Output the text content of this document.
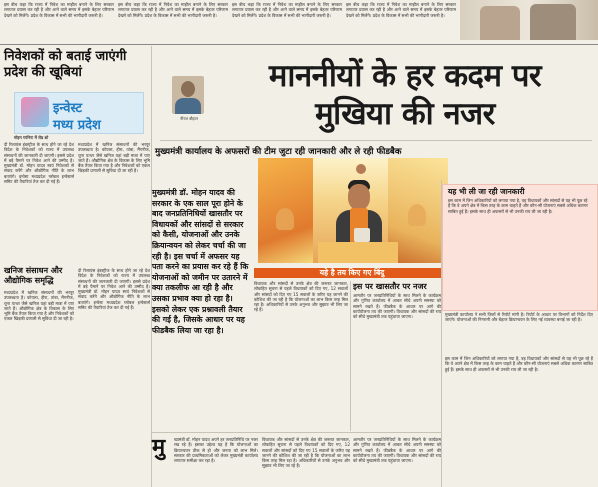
इस बीच कहा कि राज्य में निवेश का माहौल बनाने के लिए सरकार लगातार प्रयास कर रही है और आने वाले समय में इसके बेहतर परिणाम देखने को मिलेंगे। प्रदेश के विकास में सभी की भागीदारी जरूरी है।
इस बीच कहा कि राज्य में निवेश का माहौल बनाने के लिए सरकार लगातार प्रयास कर रही है और आने वाले समय में इसके बेहतर परिणाम देखने को मिलेंगे। प्रदेश के विकास में सभी की भागीदारी जरूरी है।
इस बीच कहा कि राज्य में निवेश का माहौल बनाने के लिए सरकार लगातार प्रयास कर रही है और आने वाले समय में इसके बेहतर परिणाम देखने को मिलेंगे। प्रदेश के विकास में सभी की भागीदारी जरूरी है।
इस बीच कहा कि राज्य में निवेश का माहौल बनाने के लिए सरकार लगातार प्रयास कर रही है और आने वाले समय में इसके बेहतर परिणाम देखने को मिलेंगे। प्रदेश के विकास में सभी की भागीदारी जरूरी है।
निवेशकों को बताई जाएंगी प्रदेश की खूबियां
इन्वेस्ट
मध्य प्रदेश
मोहन गर्वनेन्ट में रोड शो
दी रिलायंस इंडस्ट्रीज के साथ होने जा रहे देश विदेश के निवेशकों को राज्य में उपलब्ध संसाधनों की जानकारी दी जाएगी। इससे प्रदेश में बड़े पैमाने पर निवेश आने की उम्मीद है। मुख्यमंत्री डॉ. मोहन यादव स्वयं निवेशकों से संवाद करेंगे और औद्योगिक नीति के लाभ बताएंगे। इन्वेस्ट मध्यप्रदेश ग्लोबल इन्वेस्टर्स समिट की तैयारियां तेज कर दी गई हैं।
मध्यप्रदेश में खनिज संसाधनों की भरपूर उपलब्धता है। कोयला, हीरा, तांबा, मैंगनीज, चूना पत्थर जैसे खनिज यहां बड़ी मात्रा में पाए जाते हैं। औद्योगिक क्षेत्र के विकास के लिए भूमि बैंक तैयार किया गया है और निवेशकों को एकल खिड़की प्रणाली से सुविधा दी जा रही है।
खनिज संसाधन और औद्योगिक समृद्धि
मध्यप्रदेश में खनिज संसाधनों की भरपूर उपलब्धता है। कोयला, हीरा, तांबा, मैंगनीज, चूना पत्थर जैसे खनिज यहां बड़ी मात्रा में पाए जाते हैं। औद्योगिक क्षेत्र के विकास के लिए भूमि बैंक तैयार किया गया है और निवेशकों को एकल खिड़की प्रणाली से सुविधा दी जा रही है।
दी रिलायंस इंडस्ट्रीज के साथ होने जा रहे देश विदेश के निवेशकों को राज्य में उपलब्ध संसाधनों की जानकारी दी जाएगी। इससे प्रदेश में बड़े पैमाने पर निवेश आने की उम्मीद है। मुख्यमंत्री डॉ. मोहन यादव स्वयं निवेशकों से संवाद करेंगे और औद्योगिक नीति के लाभ बताएंगे। इन्वेस्ट मध्यप्रदेश ग्लोबल इन्वेस्टर्स समिट की तैयारियां तेज कर दी गई हैं।
नीरज बौहान
माननीयों के हर कदम पर
मुखिया की नजर
मुख्यमंत्री कार्यालय के अफसरों की टीम जुटा रही जानकारी और ले रही फीडबैक
मुख्यमंत्री डॉ. मोहन यादव की सरकार के एक साल पूरा होने के बाद जनप्रतिनिधियों खासतौर पर विधायकों और सांसदों से सरकार को कैसी, योजनाओं और उनके क्रियान्वयन को लेकर चर्चा की जा रही है। इस चर्चा में अफसर यह पता करने का प्रयास कर रहे हैं कि योजनाओं को जमीन पर उतारने में क्या तकलीफ आ रही है और उसका प्रभाव क्या हो रहा है। इसको लेकर एक प्रश्नावली तैयार की गई है, जिसके आधार पर यह फीडबैक लिया जा रहा है।
यहे है तय किए गए बिंदु
विधायक और सांसदों से उनके क्षेत्र की जरूरत जानकार, लोकहित सूचना से पहले विधायकों को दिए गए, 12 सवालों और सांसदों को दिए गए 15 सवालों के जरिए यह जानने की कोशिश की जा रही है कि योजनाओं का लाभ किस तरह मिल रहा है। अधिकारियों से उनके अनुभव और सुझाव भी लिए जा रहे हैं।
इस पर खासतौर पर नजर
आमतौर पर जनप्रतिनिधियों के साथ मिलने के कार्यक्रम और गुणित कार्यालय में आकर सीधे अपनी समस्या को सामने रखते हैं। फीडबैक के आधार पर आगे की कार्ययोजना तय की जाएगी। विधायक और सांसदों की राय को सीधे मुख्यमंत्री तक पहुंचाया जाएगा।
मु ख्यमंत्री डॉ. मोहन यादव अपने हर जनप्रतिनिधि पर नजर रख रहे हैं। इसका उद्देश्य यह है कि योजनाओं का क्रियान्वयन ठीक से हो और जनता को लाभ मिले। सरकार की प्राथमिकताओं को लेकर मुख्यमंत्री कार्यालय लगातार समीक्षा कर रहा है।
विधायक और सांसदों से उनके क्षेत्र की जरूरत जानकार, लोकहित सूचना से पहले विधायकों को दिए गए, 12 सवालों और सांसदों को दिए गए 15 सवालों के जरिए यह जानने की कोशिश की जा रही है कि योजनाओं का लाभ किस तरह मिल रहा है। अधिकारियों से उनके अनुभव और सुझाव भी लिए जा रहे हैं।
आमतौर पर जनप्रतिनिधियों के साथ मिलने के कार्यक्रम और गुणित कार्यालय में आकर सीधे अपनी समस्या को सामने रखते हैं। फीडबैक के आधार पर आगे की कार्ययोजना तय की जाएगी। विधायक और सांसदों की राय को सीधे मुख्यमंत्री तक पहुंचाया जाएगा।
यह भी ली जा रही जानकारी
इस काम में जिन अधिकारियों को लगाया गया है, वह विधायकों और सांसदों से यह भी पूछ रहे हैं कि वे अपने क्षेत्र में किस तरह के काम चाहते हैं और कौन-सी योजनाएं सबसे अधिक कारगर साबित हुई हैं। इसके साथ ही अफसरों से भी उनकी राय ली जा रही है।
मुख्यमंत्री कार्यालय ने सभी जिलों से रिपोर्ट मांगी है। रिपोर्ट के आधार पर विभागों को निर्देश दिए जाएंगे। योजनाओं की निगरानी और बेहतर क्रियान्वयन के लिए नई व्यवस्था बनाई जा रही है।
इस काम में जिन अधिकारियों को लगाया गया है, वह विधायकों और सांसदों से यह भी पूछ रहे हैं कि वे अपने क्षेत्र में किस तरह के काम चाहते हैं और कौन-सी योजनाएं सबसे अधिक कारगर साबित हुई हैं। इसके साथ ही अफसरों से भी उनकी राय ली जा रही है।
